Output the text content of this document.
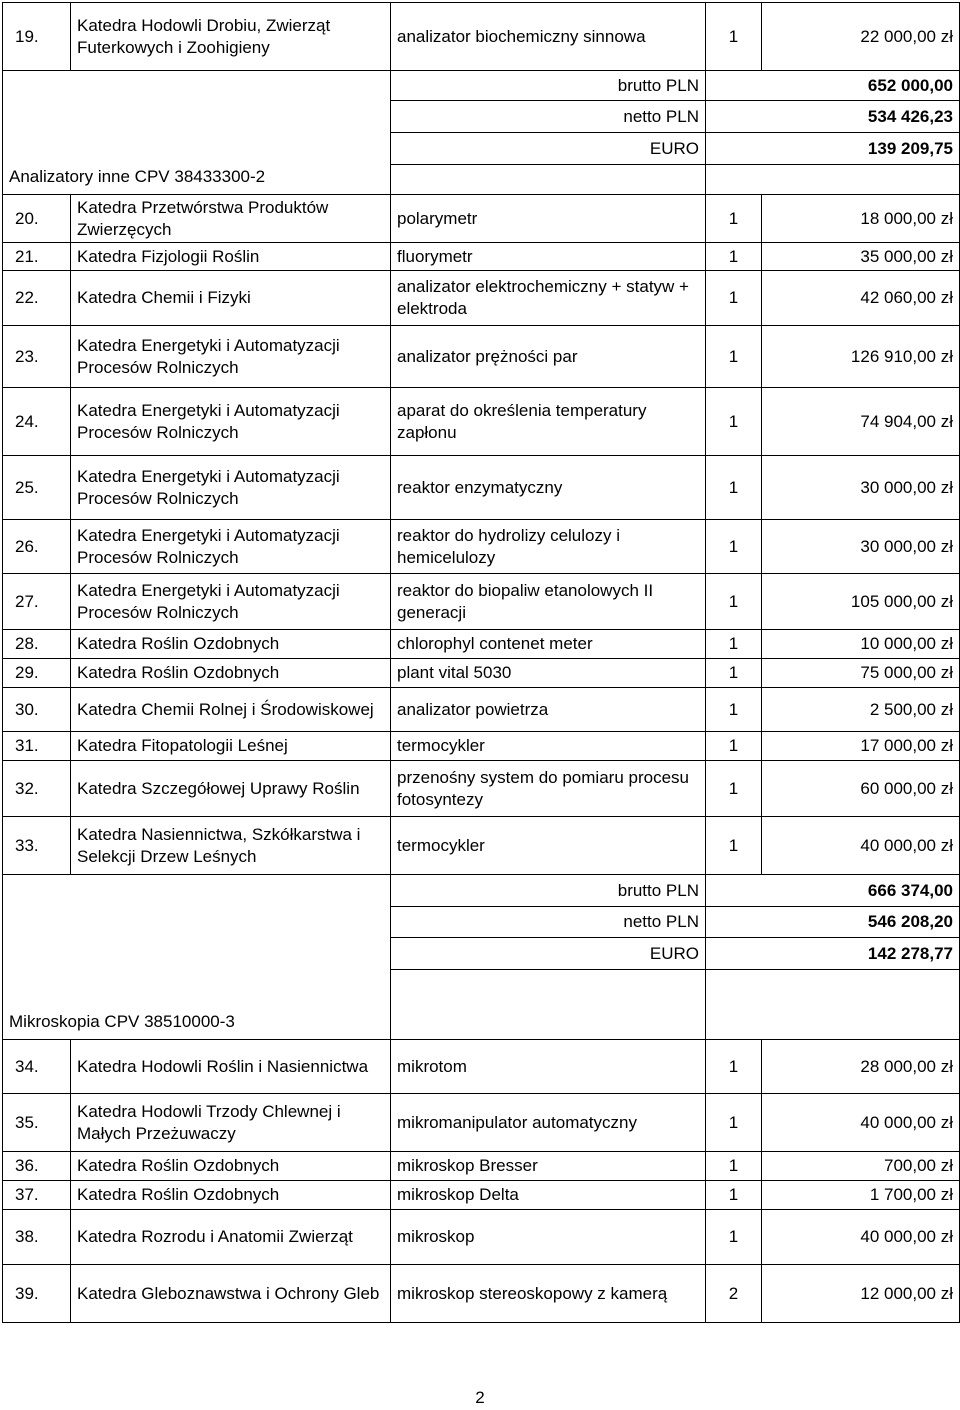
19.	Katedra Hodowli Drobiu, Zwierząt Futerkowych i Zoohigieny	analizator biochemiczny sinnowa	1	22 000,00 zł
Analizatory inne CPV 38433300-2		brutto PLN	652 000,00	
		netto PLN	534 426,23	
		EURO	139 209,75	

20.	Katedra Przetwórstwa Produktów Zwierzęcych	polarymetr	1	18 000,00 zł
21.	Katedra Fizjologii Roślin	fluorymetr	1	35 000,00 zł
22.	Katedra Chemii i Fizyki	analizator elektrochemiczny + statyw + elektroda	1	42 060,00 zł
23.	Katedra Energetyki i Automatyzacji Procesów Rolniczych	analizator prężności par	1	126 910,00 zł
24.	Katedra Energetyki i Automatyzacji Procesów Rolniczych	aparat do określenia temperatury zapłonu	1	74 904,00 zł
25.	Katedra Energetyki i Automatyzacji Procesów Rolniczych	reaktor enzymatyczny	1	30 000,00 zł
26.	Katedra Energetyki i Automatyzacji Procesów Rolniczych	reaktor do hydrolizy celulozy i hemicelulozy	1	30 000,00 zł
27.	Katedra Energetyki i Automatyzacji Procesów Rolniczych	reaktor do biopaliw etanolowych II generacji	1	105 000,00 zł
28.	Katedra Roślin Ozdobnych	chlorophyl contenet meter	1	10 000,00 zł
29.	Katedra Roślin Ozdobnych	plant vital 5030	1	75 000,00 zł
30.	Katedra Chemii Rolnej i Środowiskowej	analizator powietrza	1	2 500,00 zł
31.	Katedra Fitopatologii Leśnej	termocykler	1	17 000,00 zł
32.	Katedra Szczegółowej Uprawy Roślin	przenośny system do pomiaru procesu fotosyntezy	1	60 000,00 zł
33.	Katedra Nasiennictwa, Szkółkarstwa i Selekcji Drzew Leśnych	termocykler	1	40 000,00 zł
Mikroskopia CPV 38510000-3		brutto PLN	666 374,00	
		netto PLN	546 208,20	
		EURO	142 278,77	

34.	Katedra Hodowli Roślin i Nasiennictwa	mikrotom	1	28 000,00 zł
35.	Katedra Hodowli Trzody Chlewnej i Małych Przeżuwaczy	mikromanipulator automatyczny	1	40 000,00 zł
36.	Katedra Roślin Ozdobnych	mikroskop Bresser	1	700,00 zł
37.	Katedra Roślin Ozdobnych	mikroskop Delta	1	1 700,00 zł
38.	Katedra Rozrodu i Anatomii Zwierząt	mikroskop	1	40 000,00 zł
39.	Katedra Gleboznawstwa i Ochrony Gleb	mikroskop stereoskopowy z kamerą	2	12 000,00 zł
2
